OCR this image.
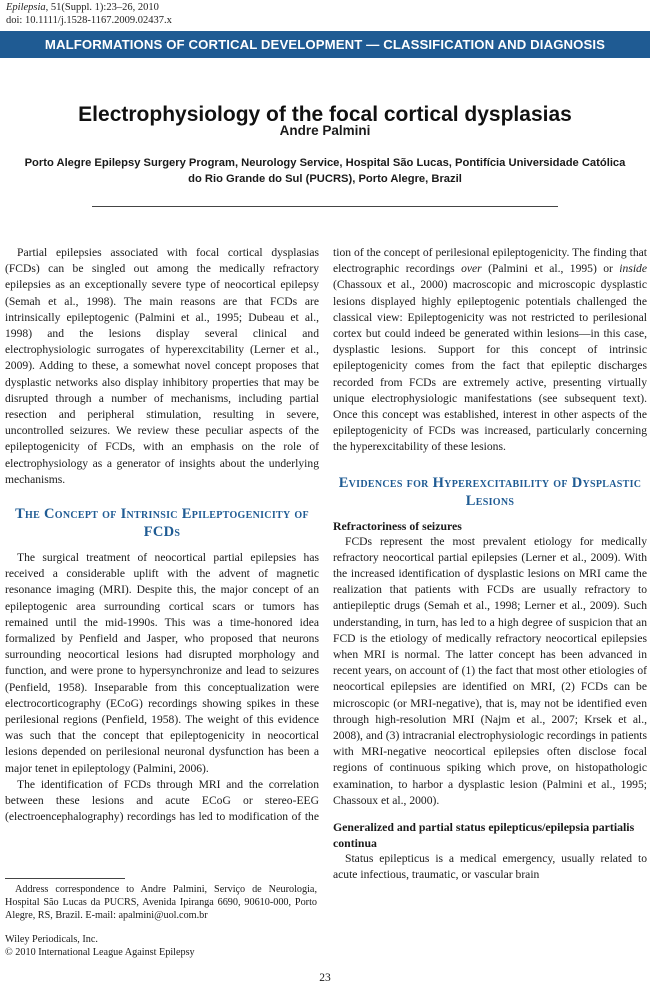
Epilepsia, 51(Suppl. 1):23–26, 2010
doi: 10.1111/j.1528-1167.2009.02437.x
MALFORMATIONS OF CORTICAL DEVELOPMENT — CLASSIFICATION AND DIAGNOSIS
Electrophysiology of the focal cortical dysplasias
Andre Palmini
Porto Alegre Epilepsy Surgery Program, Neurology Service, Hospital São Lucas, Pontifícia Universidade Católica
do Rio Grande do Sul (PUCRS), Porto Alegre, Brazil

Partial epilepsies associated with focal cortical dysplasias (FCDs) can be singled out among the medically refractory epilepsies as an exceptionally severe type of neocortical epilepsy (Semah et al., 1998). The main reasons are that FCDs are intrinsically epileptogenic (Palmini et al., 1995; Dubeau et al., 1998) and the lesions display several clinical and electrophysiologic surrogates of hyperexcitability (Lerner et al., 2009). Adding to these, a somewhat novel concept proposes that dysplastic networks also display inhibitory properties that may be disrupted through a number of mechanisms, including partial resection and peripheral stimulation, resulting in severe, uncontrolled seizures. We review these peculiar aspects of the epileptogenicity of FCDs, with an emphasis on the role of electrophysiology as a generator of insights about the underlying mechanisms.

The Concept of Intrinsic Epileptogenicity of FCDs

The surgical treatment of neocortical partial epilepsies has received a considerable uplift with the advent of magnetic resonance imaging (MRI). Despite this, the major concept of an epileptogenic area surrounding cortical scars or tumors has remained until the mid-1990s. This was a time-honored idea formalized by Penfield and Jasper, who proposed that neurons surrounding neocortical lesions had disrupted morphology and function, and were prone to hypersynchronize and lead to seizures (Penfield, 1958). Inseparable from this conceptualization were electrocorticography (ECoG) recordings showing spikes in these perilesional regions (Penfield, 1958). The weight of this evidence was such that the concept that epileptogenicity in neocortical lesions depended on perilesional neuronal dysfunction has been a major tenet in epileptology (Palmini, 2006).

The identification of FCDs through MRI and the correlation between these lesions and acute ECoG or stereo-EEG (electroencephalography) recordings has led to modification of the

tion of the concept of perilesional epileptogenicity. The finding that electrographic recordings over (Palmini et al., 1995) or inside (Chassoux et al., 2000) macroscopic and microscopic dysplastic lesions displayed highly epileptogenic potentials challenged the classical view: Epileptogenicity was not restricted to perilesional cortex but could indeed be generated within lesions—in this case, dysplastic lesions. Support for this concept of intrinsic epileptogenicity comes from the fact that epileptic discharges recorded from FCDs are extremely active, presenting virtually unique electrophysiologic manifestations (see subsequent text). Once this concept was established, interest in other aspects of the epileptogenicity of FCDs was increased, particularly concerning the hyperexcitability of these lesions.

Evidences for Hyperexcitability of Dysplastic Lesions
Refractoriness of seizures

FCDs represent the most prevalent etiology for medically refractory neocortical partial epilepsies (Lerner et al., 2009). With the increased identification of dysplastic lesions on MRI came the realization that patients with FCDs are usually refractory to antiepileptic drugs (Semah et al., 1998; Lerner et al., 2009). Such understanding, in turn, has led to a high degree of suspicion that an FCD is the etiology of medically refractory neocortical epilepsies when MRI is normal. The latter concept has been advanced in recent years, on account of (1) the fact that most other etiologies of neocortical epilepsies are identified on MRI, (2) FCDs can be microscopic (or MRI-negative), that is, may not be identified even through high-resolution MRI (Najm et al., 2007; Krsek et al., 2008), and (3) intracranial electrophysiologic recordings in patients with MRI-negative neocortical epilepsies often disclose focal regions of continuous spiking which prove, on histopathologic examination, to harbor a dysplastic lesion (Palmini et al., 1995; Chassoux et al., 2000).

Generalized and partial status epilepticus/epilepsia partialis continua

Status epilepticus is a medical emergency, usually related to acute infectious, traumatic, or vascular brain

Address correspondence to Andre Palmini, Serviço de Neurologia, Hospital São Lucas da PUCRS, Avenida Ipiranga 6690, 90610-000, Porto Alegre, RS, Brazil. E-mail: apalmini@uol.com.br

Wiley Periodicals, Inc.
© 2010 International League Against Epilepsy
23
